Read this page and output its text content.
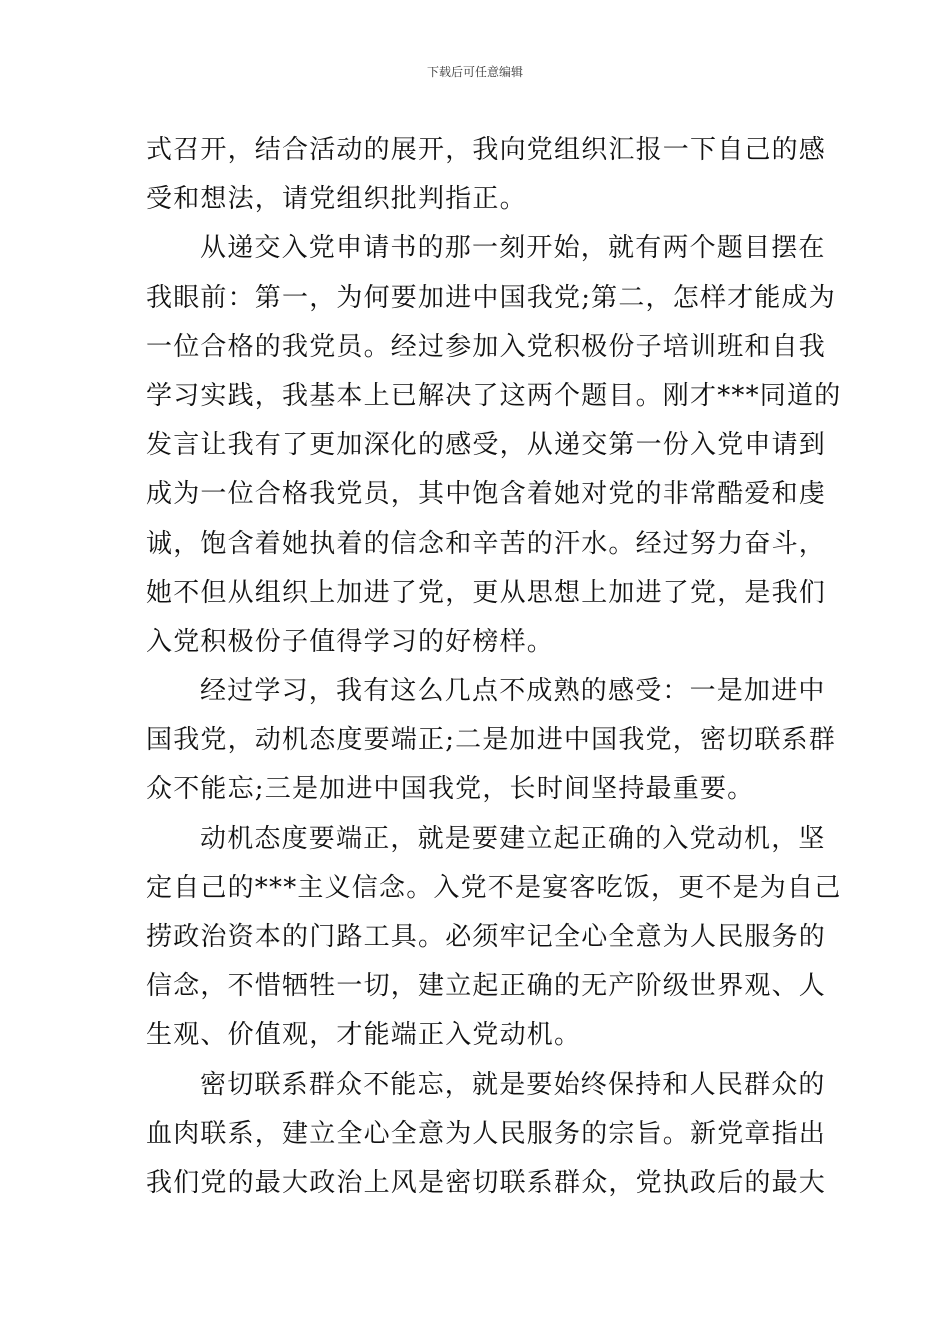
下载后可任意编辑
式召开，结合活动的展开，我向党组织汇报一下自己的感
受和想法，请党组织批判指正。
从递交入党申请书的那一刻开始，就有两个题目摆在
我眼前：第一，为何要加进中国我党;第二，怎样才能成为
一位合格的我党员。经过参加入党积极份子培训班和自我
学习实践，我基本上已解决了这两个题目。刚才***同道的
发言让我有了更加深化的感受，从递交第一份入党申请到
成为一位合格我党员，其中饱含着她对党的非常酷爱和虔
诚，饱含着她执着的信念和辛苦的汗水。经过努力奋斗，
她不但从组织上加进了党，更从思想上加进了党，是我们
入党积极份子值得学习的好榜样。
经过学习，我有这么几点不成熟的感受：一是加进中
国我党，动机态度要端正;二是加进中国我党，密切联系群
众不能忘;三是加进中国我党，长时间坚持最重要。
动机态度要端正，就是要建立起正确的入党动机，坚
定自己的***主义信念。入党不是宴客吃饭，更不是为自己
捞政治资本的门路工具。必须牢记全心全意为人民服务的
信念，不惜牺牲一切，建立起正确的无产阶级世界观、人
生观、价值观，才能端正入党动机。
密切联系群众不能忘，就是要始终保持和人民群众的
血肉联系，建立全心全意为人民服务的宗旨。新党章指出
我们党的最大政治上风是密切联系群众，党执政后的最大
